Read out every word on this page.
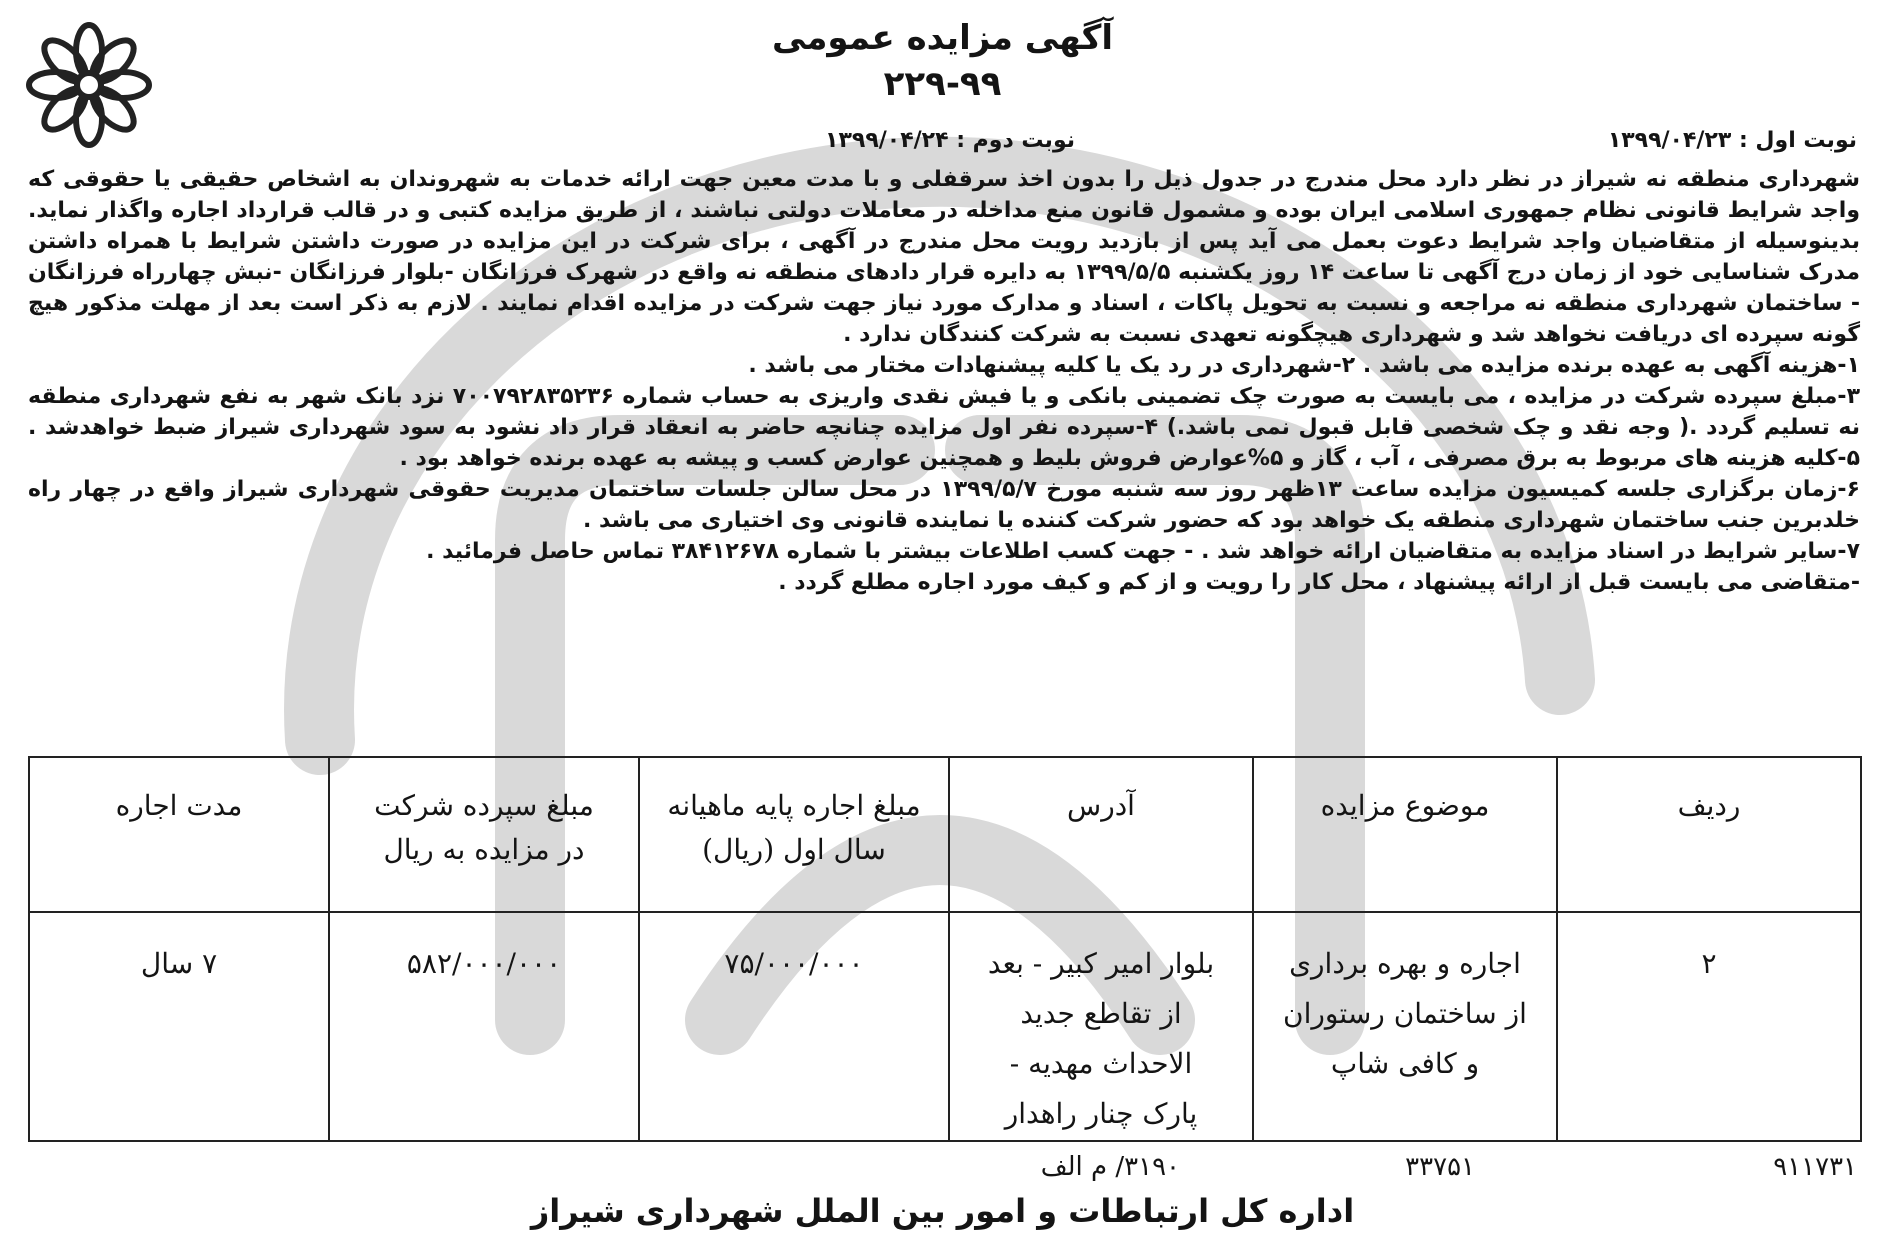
آگهی مزایده عمومی
۲۲۹-۹۹
نوبت اول : ۱۳۹۹/۰۴/۲۳
نوبت دوم : ۱۳۹۹/۰۴/۲۴

شهرداری منطقه نه شیراز در نظر دارد محل مندرج در جدول ذیل را بدون اخذ سرقفلی و با مدت معین جهت ارائه خدمات به شهروندان به اشخاص حقیقی یا حقوقی که واجد شرایط قانونی نظام جمهوری اسلامی ایران بوده و مشمول قانون منع مداخله در معاملات دولتی نباشند ، از طریق مزایده کتبی و در قالب قرارداد اجاره واگذار نماید. بدینوسیله از متقاضیان واجد شرایط دعوت بعمل می آید پس از بازدید رویت محل مندرج در آگهی ، برای شرکت در این مزایده در صورت داشتن شرایط با همراه داشتن مدرک شناسایی خود از زمان درج آگهی تا ساعت ۱۴ روز یکشنبه ۱۳۹۹/۵/۵ به دایره قرار دادهای منطقه نه واقع در شهرک فرزانگان -بلوار فرزانگان -نبش چهارراه فرزانگان - ساختمان شهرداری منطقه نه مراجعه و نسبت به تحویل پاکات ، اسناد و مدارک مورد نیاز جهت شرکت در مزایده اقدام نمایند . لازم به ذکر است بعد از مهلت مذکور هیچ گونه سپرده ای دریافت نخواهد شد و شهرداری هیچگونه تعهدی نسبت به شرکت کنندگان ندارد .

۱-هزینه آگهی به عهده برنده مزایده می باشد . ۲-شهرداری در رد یک یا کلیه پیشنهادات مختار می باشد .

۳-مبلغ سپرده شرکت در مزایده ، می بایست به صورت چک تضمینی بانکی و یا فیش نقدی واریزی به حساب شماره ۷۰۰۷۹۲۸۳۵۲۳۶ نزد بانک شهر به نفع شهرداری منطقه نه تسلیم گردد .( وجه نقد و چک شخصی قابل قبول نمی باشد.) ۴-سپرده نفر اول مزایده چنانچه حاضر به انعقاد قرار داد نشود به سود شهرداری شیراز ضبط خواهدشد . ۵-کلیه هزینه های مربوط به برق مصرفی ، آب ، گاز و ۵%عوارض فروش بلیط و همچنین عوارض کسب و پیشه به عهده برنده خواهد بود .

۶-زمان برگزاری جلسه کمیسیون مزایده ساعت ۱۳ظهر روز سه شنبه مورخ ۱۳۹۹/۵/۷ در محل سالن جلسات ساختمان مدیریت حقوقی شهرداری شیراز واقع در چهار راه خلدبرین جنب ساختمان شهرداری منطقه یک خواهد بود که حضور شرکت کننده یا نماینده قانونی وی اختیاری می باشد .

۷-سایر شرایط در اسناد مزایده به متقاضیان ارائه خواهد شد . - جهت کسب اطلاعات بیشتر با شماره ۳۸۴۱۲۶۷۸ تماس حاصل فرمائید .

-متقاضی می بایست قبل از ارائه پیشنهاد ، محل کار را رویت و از کم و کیف مورد اجاره مطلع گردد .

ردیف	موضوع مزایده	آدرس	مبلغ اجاره پایه ماهیانه سال اول (ریال)	مبلغ سپرده شرکت در مزایده به ریال	مدت اجاره
۲	اجاره و بهره برداری از ساختمان رستوران و کافی شاپ	بلوار امیر کبیر - بعد از تقاطع جدید الاحداث مهدیه - پارک چنار راهدار	۷۵/۰۰۰/۰۰۰	۵۸۲/۰۰۰/۰۰۰	۷ سال
۹۱۱۷۳۱
۳۳۷۵۱
۳۱۹۰/ م الف
اداره کل ارتباطات و امور بین الملل شهرداری شیراز
